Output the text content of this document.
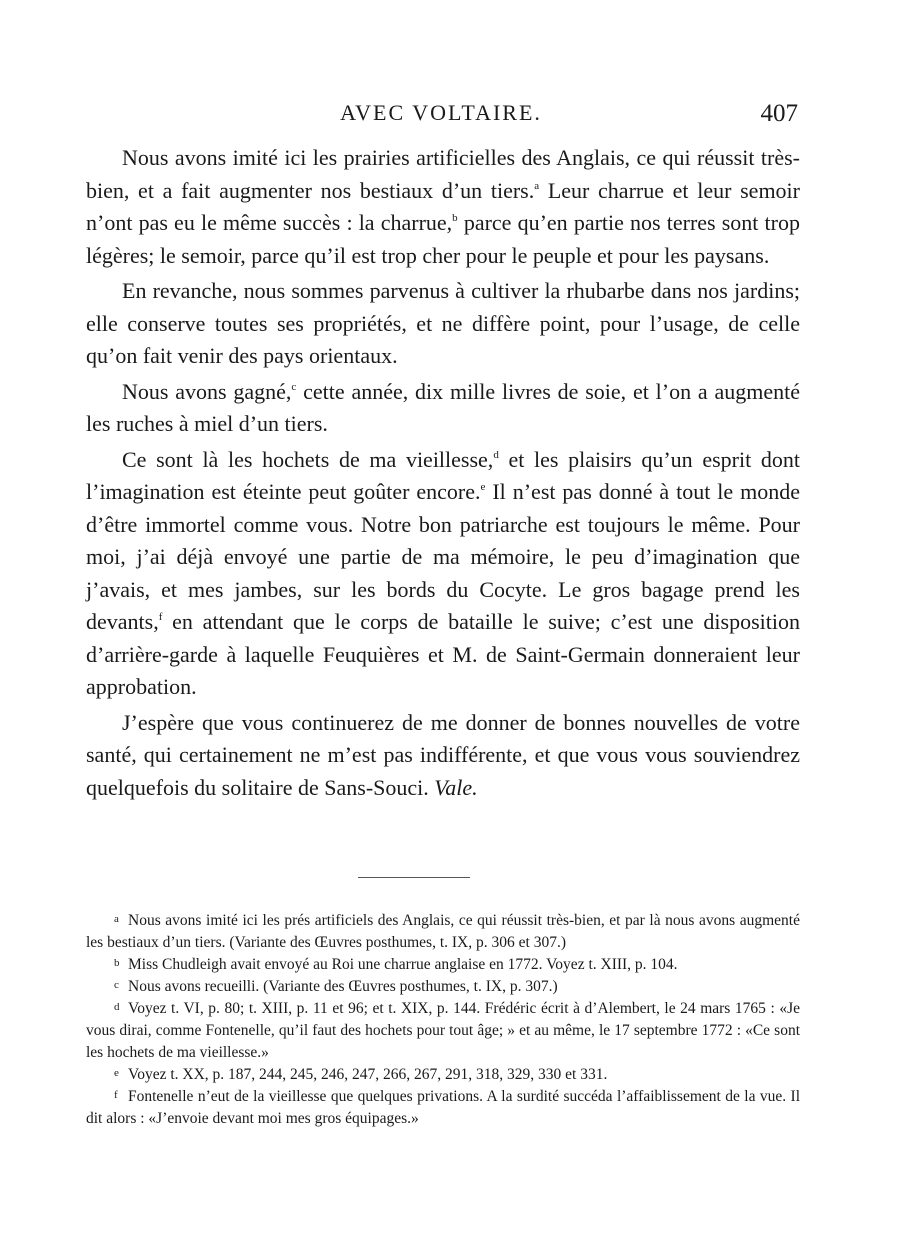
AVEC VOLTAIRE.	407

Nous avons imité ici les prairies artificielles des Anglais, ce qui réussit très-bien, et a fait augmenter nos bestiaux d’un tiers.$^a$ Leur charrue et leur semoir n’ont pas eu le même succès : la charrue,$^b$ parce qu’en partie nos terres sont trop légères; le semoir, parce qu’il est trop cher pour le peuple et pour les paysans.

En revanche, nous sommes parvenus à cultiver la rhubarbe dans nos jardins; elle conserve toutes ses propriétés, et ne diffère point, pour l’usage, de celle qu’on fait venir des pays orientaux.

Nous avons gagné,$^c$ cette année, dix mille livres de soie, et l’on a augmenté les ruches à miel d’un tiers.

Ce sont là les hochets de ma vieillesse,$^d$ et les plaisirs qu’un esprit dont l’imagination est éteinte peut goûter encore.$^e$ Il n’est pas donné à tout le monde d’être immortel comme vous. Notre bon patriarche est toujours le même. Pour moi, j’ai déjà envoyé une partie de ma mémoire, le peu d’imagination que j’avais, et mes jambes, sur les bords du Cocyte. Le gros bagage prend les devants,$^f$ en attendant que le corps de bataille le suive; c’est une disposition d’arrière-garde à laquelle Feuquières et M. de Saint-Germain donneraient leur approbation.

J’espère que vous continuerez de me donner de bonnes nouvelles de votre santé, qui certainement ne m’est pas indifférente, et que vous vous souviendrez quelquefois du solitaire de Sans-Souci. Vale.

a Nous avons imité ici les prés artificiels des Anglais, ce qui réussit très-bien, et par là nous avons augmenté les bestiaux d’un tiers. (Variante des Œuvres posthumes, t. IX, p. 306 et 307.)

b Miss Chudleigh avait envoyé au Roi une charrue anglaise en 1772. Voyez t. XIII, p. 104.

c Nous avons recueilli. (Variante des Œuvres posthumes, t. IX, p. 307.)

d Voyez t. VI, p. 80; t. XIII, p. 11 et 96; et t. XIX, p. 144. Frédéric écrit à d’Alembert, le 24 mars 1765 : «Je vous dirai, comme Fontenelle, qu’il faut des hochets pour tout âge; » et au même, le 17 septembre 1772 : «Ce sont les hochets de ma vieillesse.»

e Voyez t. XX, p. 187, 244, 245, 246, 247, 266, 267, 291, 318, 329, 330 et 331.

f Fontenelle n’eut de la vieillesse que quelques privations. A la surdité succéda l’affaiblissement de la vue. Il dit alors : «J’envoie devant moi mes gros équipages.»
